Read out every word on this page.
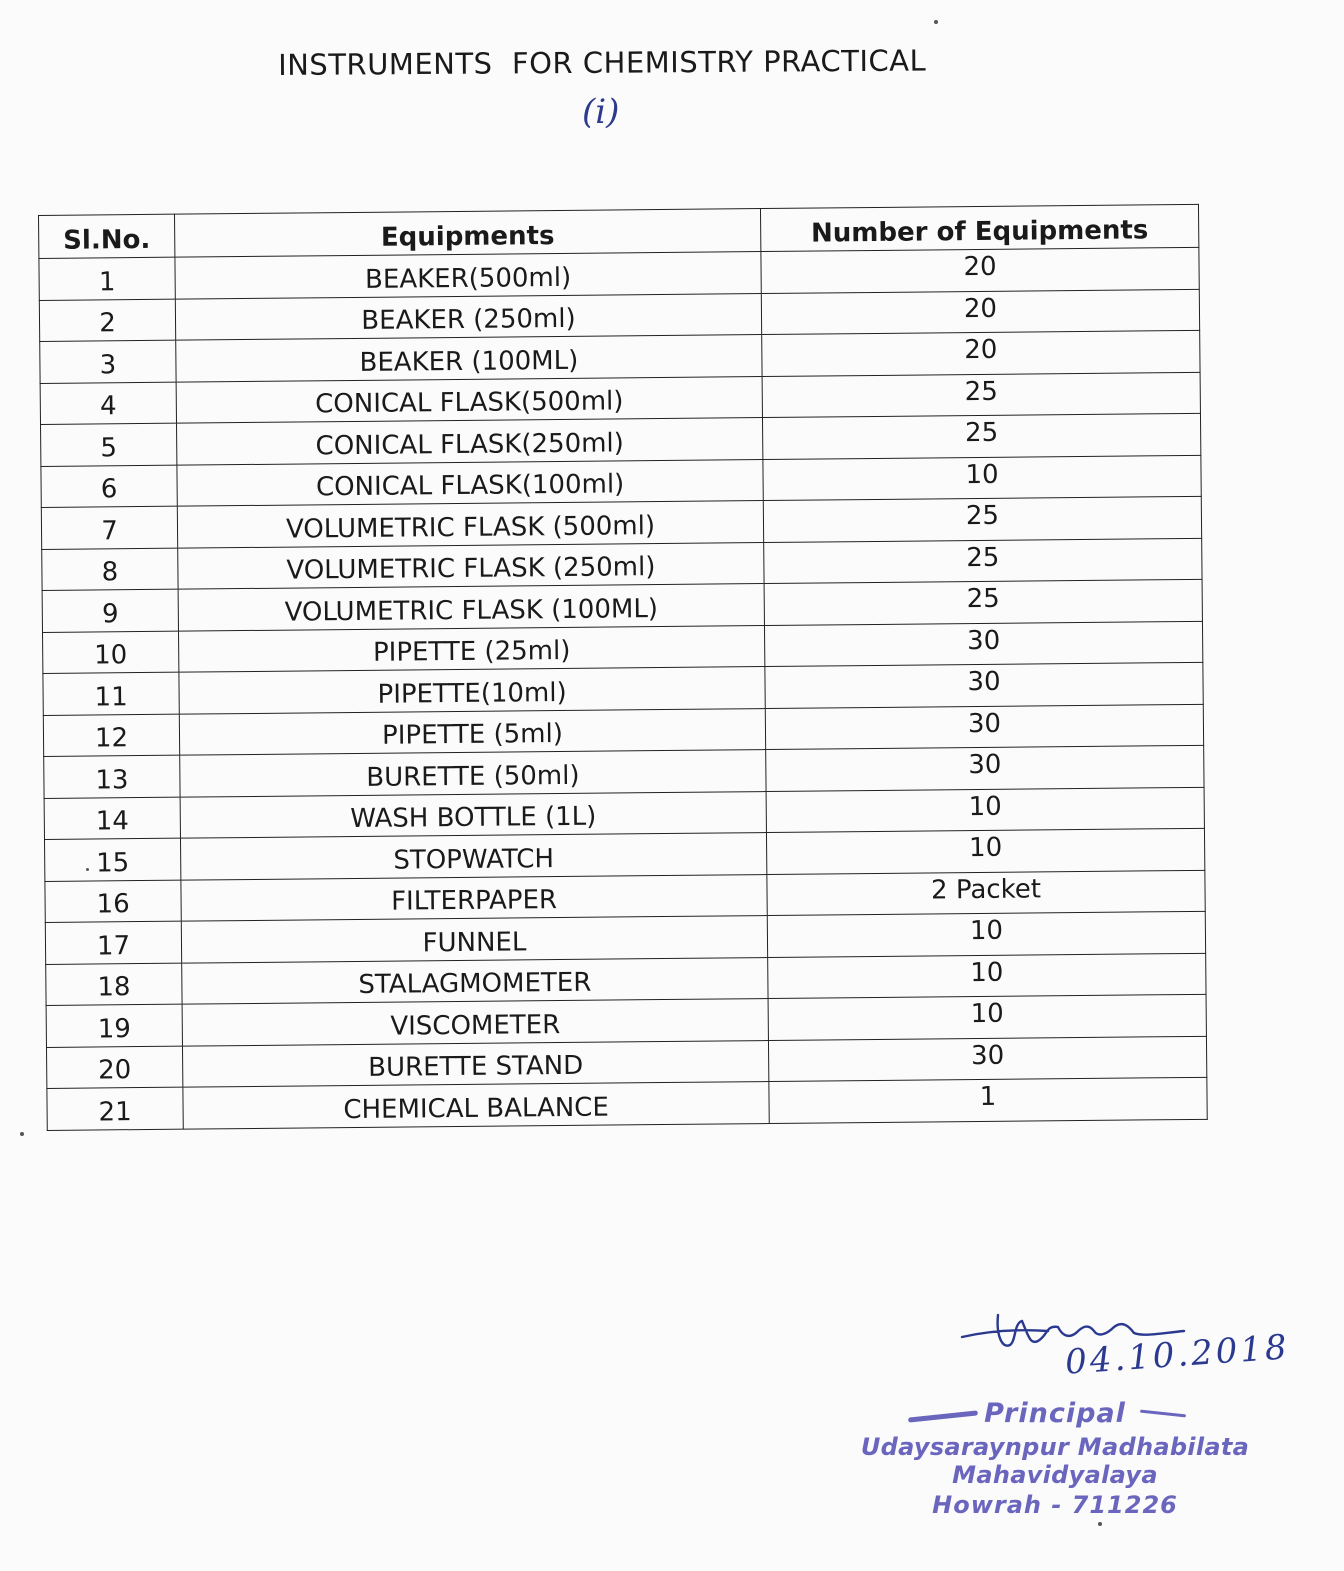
INSTRUMENTS  FOR CHEMISTRY PRACTICAL
(i)
Sl.No.	Equipments	Number of Equipments
1	BEAKER(500ml)	20
2	BEAKER (250ml)	20
3	BEAKER (100ML)	20
4	CONICAL FLASK(500ml)	25
5	CONICAL FLASK(250ml)	25
6	CONICAL FLASK(100ml)	10
7	VOLUMETRIC FLASK (500ml)	25
8	VOLUMETRIC FLASK (250ml)	25
9	VOLUMETRIC FLASK (100ML)	25
10	PIPETTE (25ml)	30
11	PIPETTE(10ml)	30
12	PIPETTE (5ml)	30
13	BURETTE (50ml)	30
14	WASH BOTTLE (1L)	10
15	STOPWATCH	10
16	FILTERPAPER	2 Packet
17	FUNNEL	10
18	STALAGMOMETER	10
19	VISCOMETER	10
20	BURETTE STAND	30
21	CHEMICAL BALANCE	1
04.10.2018
Principal
Udaysaraynpur Madhabilata Mahavidyalaya
Howrah - 711226
